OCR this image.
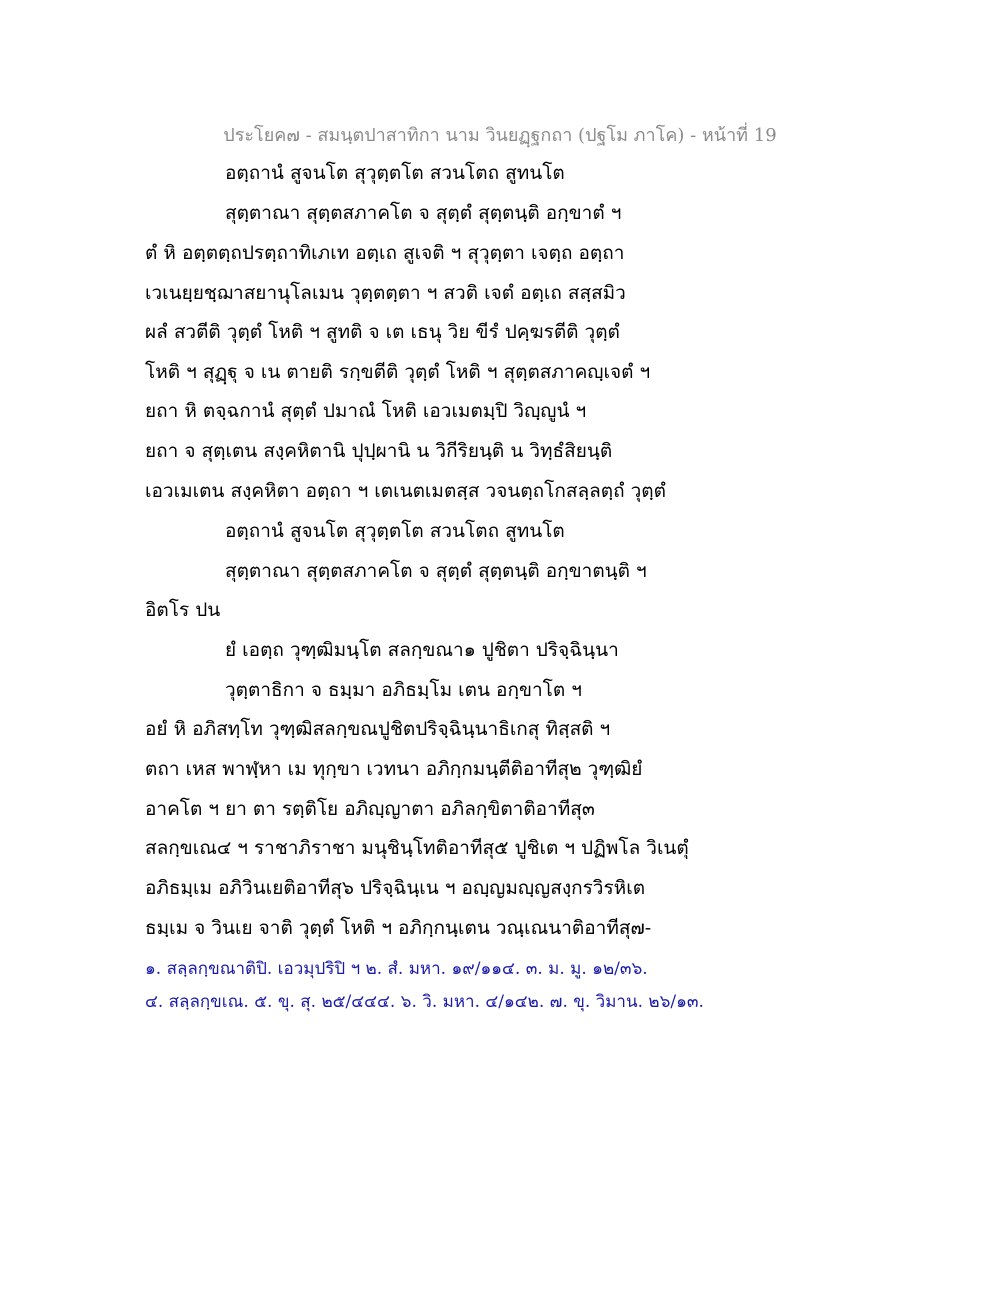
ประโยค๗ - สมนฺตปาสาทิกา นาม วินยฏฺฐกถา (ปฐโม ภาโค) - หน้าที่ 19
อตฺถานํ สูจนโต สุวุตฺตโต สวนโตถ สูทนโต
สุตฺตาณา สุตฺตสภาคโต จ สุตฺตํ สุตฺตนฺติ อกฺขาตํ ฯ
ตํ หิ อตฺตตฺถปรตฺถาทิเภเท อตฺเถ สูเจติ ฯ สุวุตฺตา เจตฺถ อตฺถา
เวเนยฺยชฺฌาสยานุโลเมน วุตฺตตฺตา ฯ สวติ เจตํ อตฺเถ สสฺสมิว
ผลํ สวตีติ วุตฺตํ โหติ ฯ สูทติ จ เต เธนุ วิย ขีรํ ปคฺฆรตีติ วุตฺตํ
โหติ ฯ สุฏฺฐุ จ เน ตายติ รกฺขตีติ วุตฺตํ โหติ ฯ สุตฺตสภาคญฺเจตํ ฯ
ยถา หิ ตจฺฉกานํ สุตฺตํ ปมาณํ โหติ เอวเมตมฺปิ วิญฺญูนํ ฯ
ยถา จ สุตฺเตน สงฺคหิตานิ ปุปฺผานิ น วิกีริยนฺติ น วิทฺธํสิยนฺติ
เอวเมเตน สงฺคหิตา อตฺถา ฯ เตเนตเมตสฺส วจนตฺถโกสลฺลตฺถํ วุตฺตํ
อตฺถานํ สูจนโต สุวุตฺตโต สวนโตถ สูทนโต
สุตฺตาณา สุตฺตสภาคโต จ สุตฺตํ สุตฺตนฺติ อกฺขาตนฺติ ฯ
อิตโร ปน
ยํ เอตฺถ วุฑฺฒิมนฺโต สลกฺขณา๑ ปูชิตา ปริจฺฉินฺนา
วุตฺตาธิกา จ ธมฺมา อภิธมฺโม เตน อกฺขาโต ฯ
อยํ หิ อภิสทฺโท วุฑฺฒิสลกฺขณปูชิตปริจฺฉินฺนาธิเกสุ ทิสฺสติ ฯ
ตถา เหส พาฬฺหา เม ทุกฺขา เวทนา อภิกฺกมนฺตีติอาทีสุ๒ วุฑฺฒิยํ
อาคโต ฯ ยา ตา รตฺติโย อภิญฺญาตา อภิลกฺขิตาติอาทีสุ๓
สลกฺขเณ๔ ฯ ราชาภิราชา มนุชินฺโทติอาทีสุ๕ ปูชิเต ฯ ปฏิพโล วิเนตุํ
อภิธมฺเม อภิวินเยติอาทีสุ๖ ปริจฺฉินฺเน ฯ อญฺญมญฺญสงฺกรวิรหิเต
ธมฺเม จ วินเย จาติ วุตฺตํ โหติ ฯ อภิกฺกนฺเตน วณฺเณนาติอาทีสุ๗-
๑. สลฺลกฺขณาติปิ. เอวมุปริปิ ฯ ๒. สํ. มหา. ๑๙/๑๑๔. ๓. ม. มู. ๑๒/๓๖.
๔. สลฺลกฺขเณ. ๕. ขุ. สุ. ๒๕/๔๔๔. ๖. วิ. มหา. ๔/๑๔๒. ๗. ขุ. วิมาน. ๒๖/๑๓.
